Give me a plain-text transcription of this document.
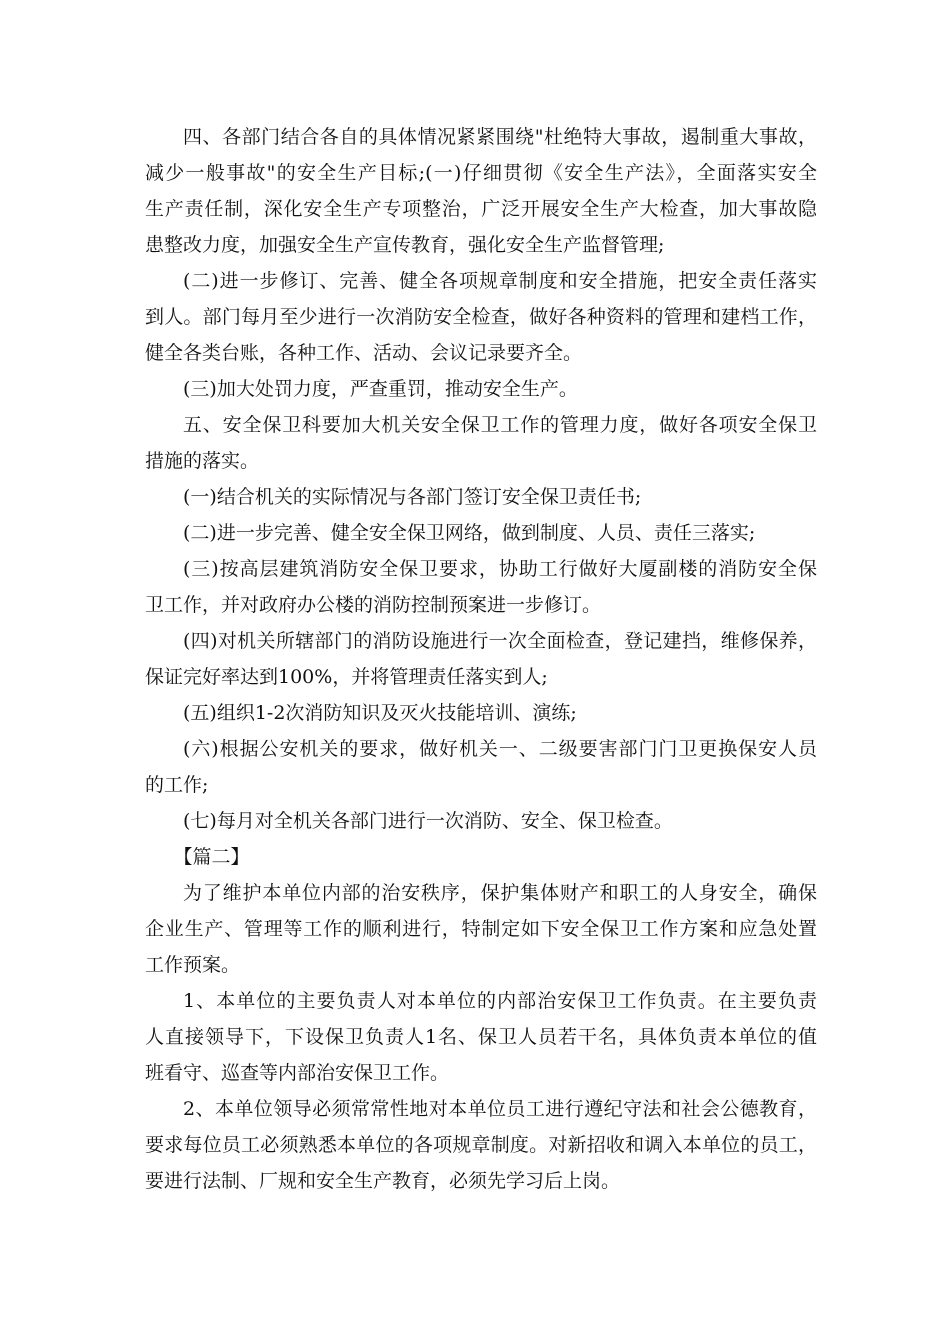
四、各部门结合各自的具体情况紧紧围绕"杜绝特大事故，遏制重大事故，
减少一般事故"的安全生产目标;(一)仔细贯彻《安全生产法》，全面落实安全
生产责任制，深化安全生产专项整治，广泛开展安全生产大检查，加大事故隐
患整改力度，加强安全生产宣传教育，强化安全生产监督管理;
(二)进一步修订、完善、健全各项规章制度和安全措施，把安全责任落实
到人。部门每月至少进行一次消防安全检查，做好各种资料的管理和建档工作，
健全各类台账，各种工作、活动、会议记录要齐全。
(三)加大处罚力度，严查重罚，推动安全生产。
五、安全保卫科要加大机关安全保卫工作的管理力度，做好各项安全保卫
措施的落实。
(一)结合机关的实际情况与各部门签订安全保卫责任书;
(二)进一步完善、健全安全保卫网络，做到制度、人员、责任三落实;
(三)按高层建筑消防安全保卫要求，协助工行做好大厦副楼的消防安全保
卫工作，并对政府办公楼的消防控制预案进一步修订。
(四)对机关所辖部门的消防设施进行一次全面检查，登记建挡，维修保养，
保证完好率达到100%，并将管理责任落实到人;
(五)组织1-2次消防知识及灭火技能培训、演练;
(六)根据公安机关的要求，做好机关一、二级要害部门门卫更换保安人员
的工作;
(七)每月对全机关各部门进行一次消防、安全、保卫检查。
【篇二】
为了维护本单位内部的治安秩序，保护集体财产和职工的人身安全，确保
企业生产、管理等工作的顺利进行，特制定如下安全保卫工作方案和应急处置
工作预案。
1、本单位的主要负责人对本单位的内部治安保卫工作负责。在主要负责
人直接领导下，下设保卫负责人1名、保卫人员若干名，具体负责本单位的值
班看守、巡查等内部治安保卫工作。
2、本单位领导必须常常性地对本单位员工进行遵纪守法和社会公德教育，
要求每位员工必须熟悉本单位的各项规章制度。对新招收和调入本单位的员工，
要进行法制、厂规和安全生产教育，必须先学习后上岗。
